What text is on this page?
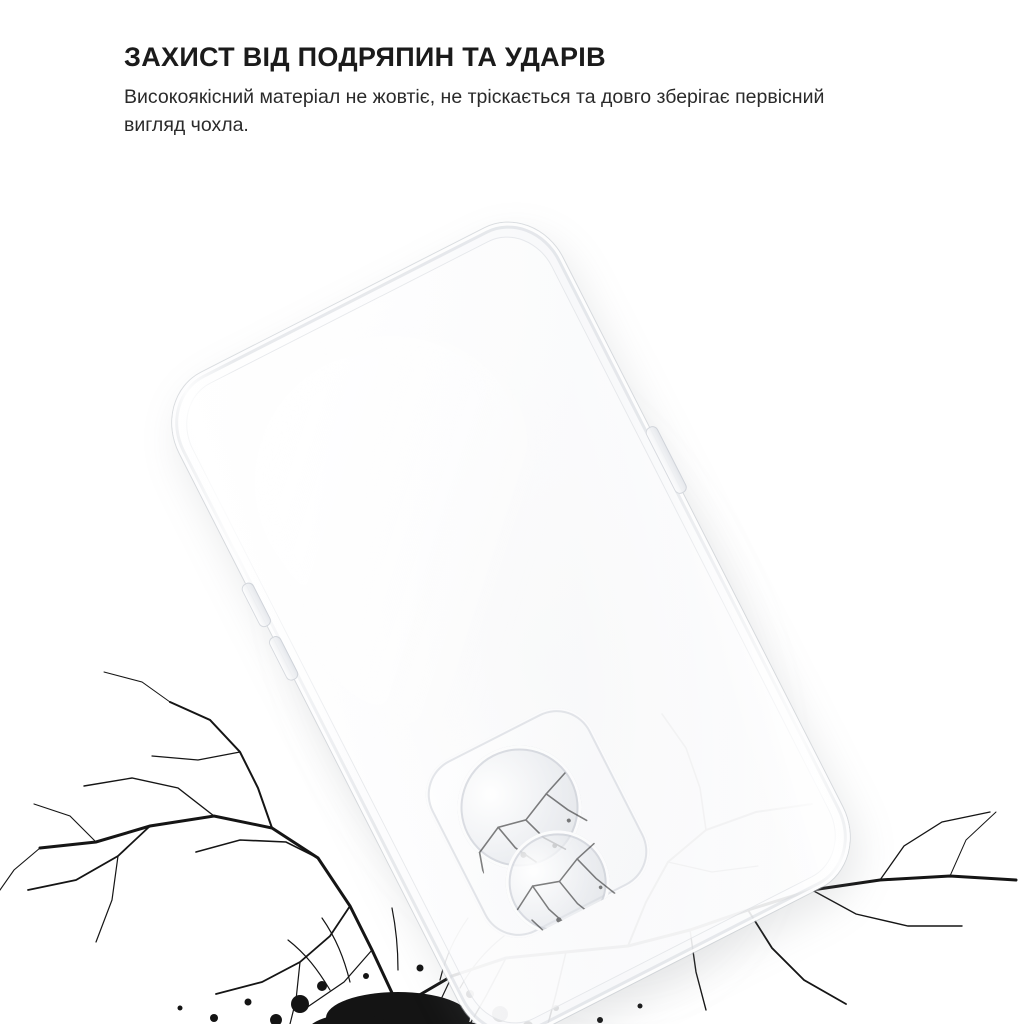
ЗАХИСТ ВІД ПОДРЯПИН ТА УДАРІВ

Високоякісний матеріал не жовтіє, не тріскається та довго зберігає первісний вигляд чохла.
